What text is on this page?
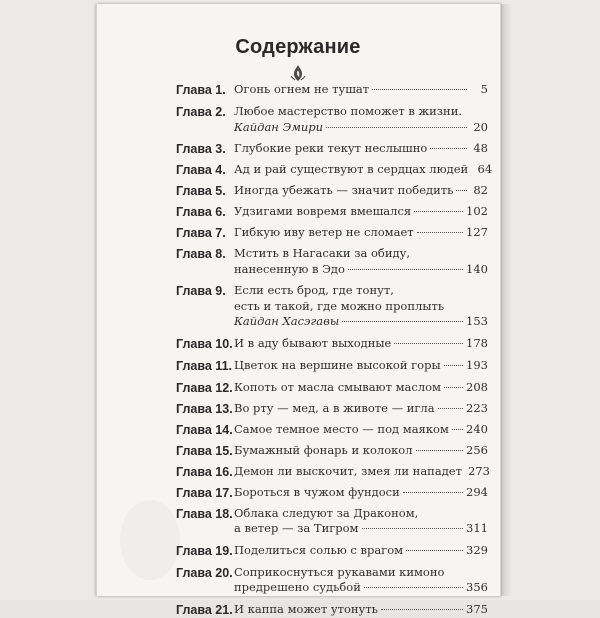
Содержание
Глава 1. Огонь огнем не тушат	5
Глава 2. Любое мастерство поможет в жизни.
Кайдан Эмири	20
Глава 3. Глубокие реки текут неслышно	48
Глава 4. Ад и рай существуют в сердцах людей 64
Глава 5. Иногда убежать — значит победить 82
Глава 6. Удзигами вовремя вмешался	102
Глава 7. Гибкую иву ветер не сломает	127
Глава 8. Мстить в Нагасаки за обиду,
нанесенную в Эдо	140
Глава 9. Если есть брод, где тонут,
есть и такой, где можно проплыть
Кайдан Хасэгавы	153
Глава 10. И в аду бывают выходные	178
Глава 11. Цветок на вершине высокой горы 193
Глава 12. Копоть от масла смывают маслом 208
Глава 13. Во рту — мед, а в животе — игла	223
Глава 14. Самое темное место — под маяком 240
Глава 15. Бумажный фонарь и колокол	256
Глава 16. Демон ли выскочит, змея ли нападет 273
Глава 17. Бороться в чужом фундоси	294
Глава 18. Облака следуют за Драконом,
а ветер — за Тигром	311
Глава 19. Поделиться солью с врагом	329
Глава 20. Соприкоснуться рукавами кимоно
предрешено судьбой	356
Глава 21. И каппа может утонуть	375
